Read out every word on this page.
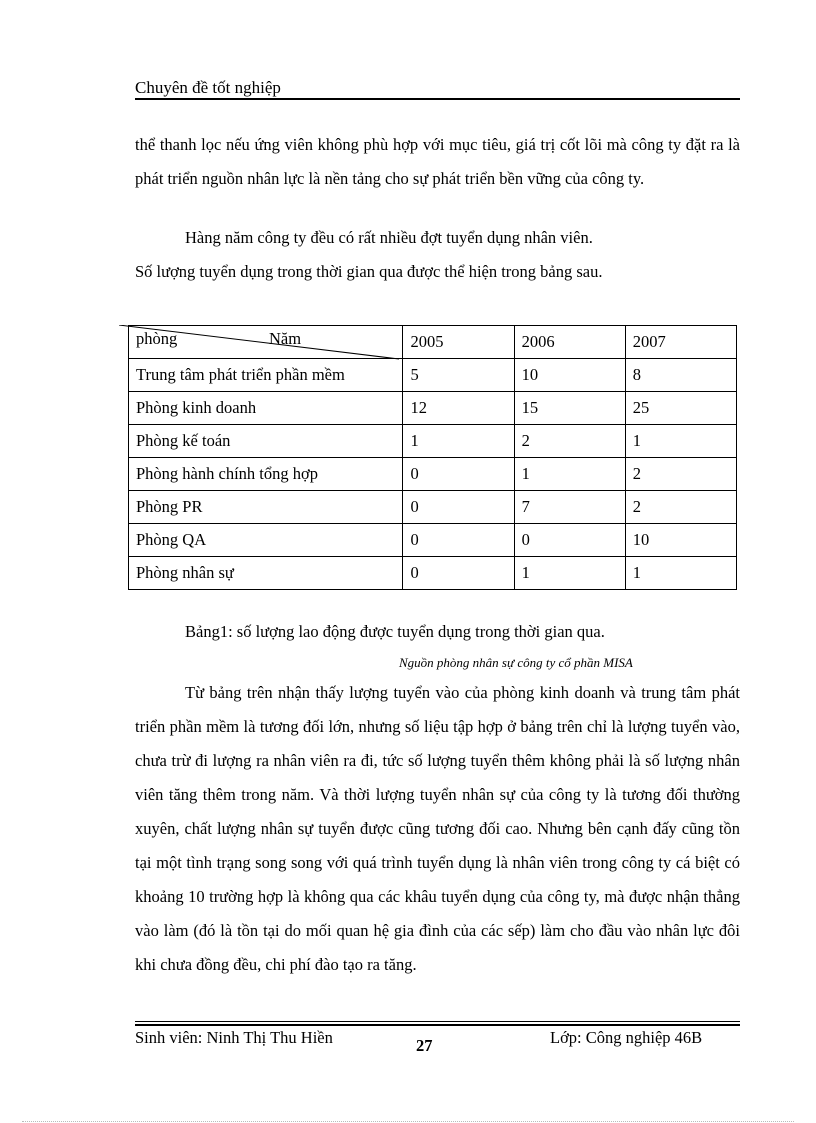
Chuyên đề tốt nghiệp
thể thanh lọc nếu ứng viên không phù hợp với mục tiêu, giá trị cốt lõi mà công ty đặt ra là phát triển nguồn nhân lực là nền tảng cho sự phát triển bền vững của công ty.
Hàng năm công ty đều có rất nhiều đợt tuyển dụng nhân viên.
Số lượng tuyển dụng trong thời gian qua được thể hiện trong bảng sau.
phòng Năm	2005	2006	2007
Trung tâm phát triển phần mềm	5	10	8
Phòng kinh doanh	12	15	25
Phòng kế toán	1	2	1
Phòng hành chính tổng hợp	0	1	2
Phòng PR	0	7	2
Phòng QA	0	0	10
Phòng nhân sự	0	1	1
Bảng1: số lượng lao động được tuyển dụng trong thời gian qua.
Nguồn phòng nhân sự công ty cổ phần MISA
Từ bảng trên nhận thấy lượng tuyển vào của phòng kinh doanh và trung tâm phát triển phần mềm là tương đối lớn, nhưng số liệu tập hợp ở bảng trên chỉ là lượng tuyển vào, chưa trừ đi lượng ra nhân viên ra đi, tức số lượng tuyển thêm không phải là số lượng nhân viên tăng thêm trong năm. Và thời lượng tuyển nhân sự của công ty là tương đối thường xuyên, chất lượng nhân sự tuyển được cũng tương đối cao. Nhưng bên cạnh đấy cũng tồn tại một tình trạng song song với quá trình tuyển dụng là nhân viên trong công ty cá biệt có khoảng 10 trường hợp là không qua các khâu tuyển dụng của công ty, mà được nhận thẳng vào làm (đó là tồn tại do mối quan hệ gia đình của các sếp) làm cho đầu vào nhân lực đôi khi chưa đồng đều, chi phí đào tạo ra tăng.
Sinh viên: Ninh Thị Thu Hiền	27	Lớp: Công nghiệp 46B
